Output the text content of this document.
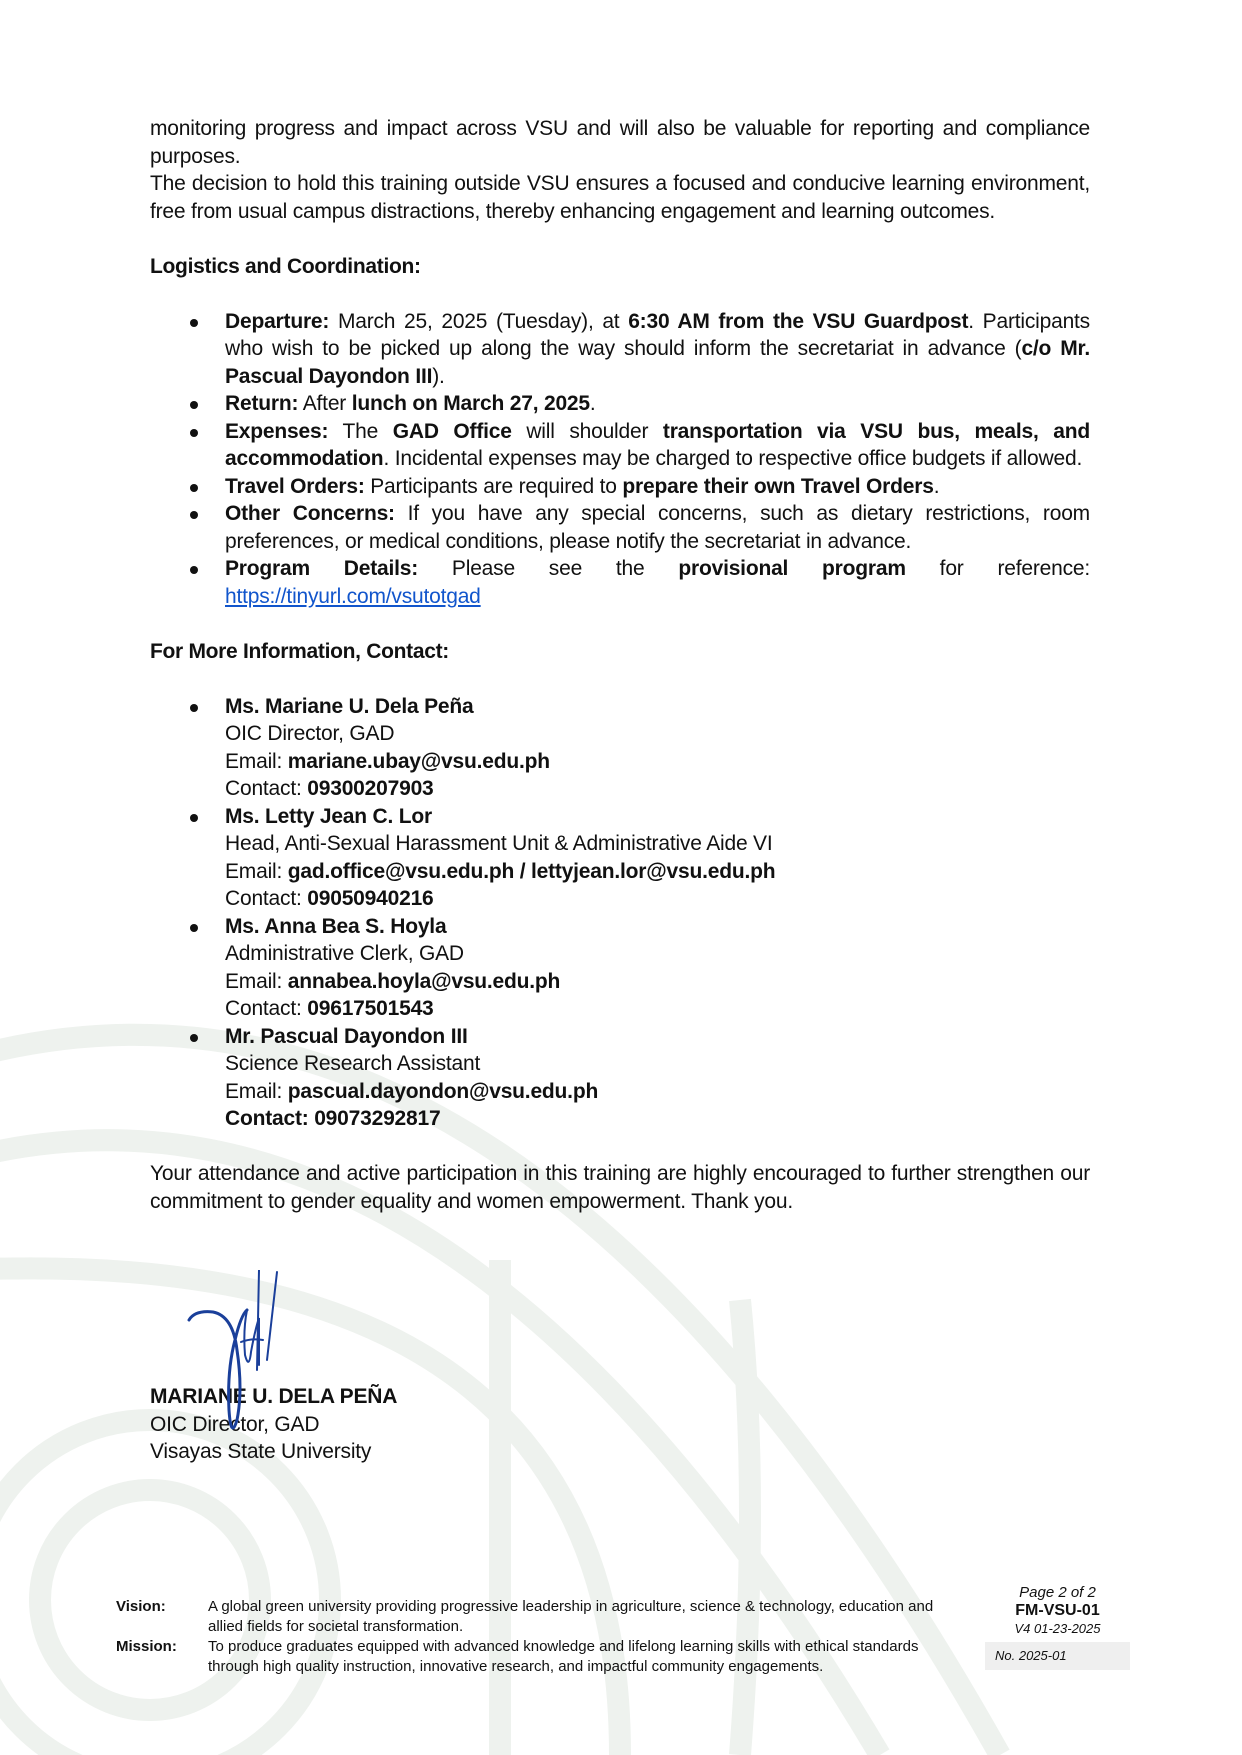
monitoring progress and impact across VSU and will also be valuable for reporting and compliance purposes.

The decision to hold this training outside VSU ensures a focused and conducive learning environment, free from usual campus distractions, thereby enhancing engagement and learning outcomes.

Logistics and Coordination:

Departure: March 25, 2025 (Tuesday), at 6:30 AM from the VSU Guardpost. Participants who wish to be picked up along the way should inform the secretariat in advance (c/o Mr. Pascual Dayondon III).
Return: After lunch on March 27, 2025.
Expenses: The GAD Office will shoulder transportation via VSU bus, meals, and accommodation. Incidental expenses may be charged to respective office budgets if allowed.
Travel Orders: Participants are required to prepare their own Travel Orders.
Other Concerns: If you have any special concerns, such as dietary restrictions, room preferences, or medical conditions, please notify the secretariat in advance.
Program Details: Please see the provisional program for reference: https://tinyurl.com/vsutotgad

For More Information, Contact:

Ms. Mariane U. Dela Peña
OIC Director, GAD
Email: mariane.ubay@vsu.edu.ph
Contact: 09300207903
Ms. Letty Jean C. Lor
Head, Anti-Sexual Harassment Unit & Administrative Aide VI
Email: gad.office@vsu.edu.ph / lettyjean.lor@vsu.edu.ph
Contact: 09050940216
Ms. Anna Bea S. Hoyla
Administrative Clerk, GAD
Email: annabea.hoyla@vsu.edu.ph
Contact: 09617501543
Mr. Pascual Dayondon III
Science Research Assistant
Email: pascual.dayondon@vsu.edu.ph
Contact: 09073292817

Your attendance and active participation in this training are highly encouraged to further strengthen our commitment to gender equality and women empowerment. Thank you.

MARIANE U. DELA PEÑA
OIC Director, GAD
Visayas State University
Vision:	A global green university providing progressive leadership in agriculture, science & technology, education and allied fields for societal transformation.
Mission:	To produce graduates equipped with advanced knowledge and lifelong learning skills with ethical standards through high quality instruction, innovative research, and impactful community engagements.
Page 2 of 2
FM-VSU-01
V4 01-23-2025
No. 2025-01
